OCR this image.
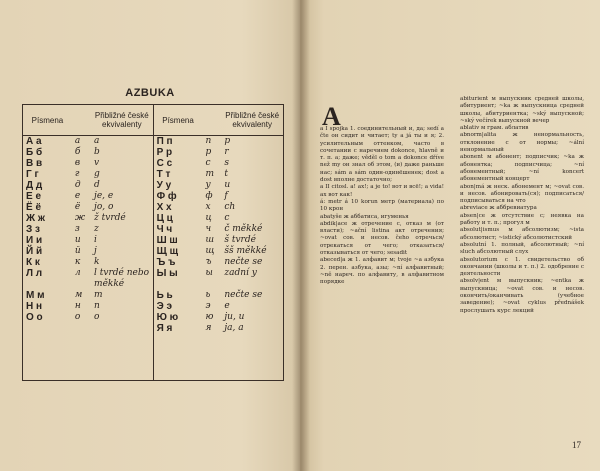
AZBUKA
Písmena		Přibližné české ekvivalenty	Písmena		Přibližné české ekvivalenty
А а	а	a	П п	п	p
Б б	б	b	Р р	р	r
В в	в	v	С с	с	s
Г г	г	g	Т т	т	t
Д д	д	d	У у	у	u
Е е	е	je, e	Ф ф	ф	f
Ё ё	ё	jo, o	Х х	х	ch
Ж ж	ж	ž tvrdé	Ц ц	ц	c
З з	з	z	Ч ч	ч	č měkké
И и	и	i	Ш ш	ш	š tvrdé
Й й	й	j	Щ щ	щ	šš měkké
К к	к	k	Ъ ъ	ъ	nečte se
Л л	л	l tvrdé nebo měkké	Ы ы	ы	zadní y
М м	м	m	Ь ь	ь	nečte se
Н н	н	n	Э э	э	e
О о	о	o	Ю ю	ю	ju, u
			Я я	я	ja, a
A

a I spojka 1. соединительный и, да; sedí a čte он сидит и читает; ty a já ты и я; 2. усилительным оттенком, часто в сочетании с наречием dokonce, hlavně и т. п. а; даже; věděl o tom a dokonce dříve než my он знал об этом, (и) даже раньше нас; sám a sám один-одинёшенек; dost a dost вполне достаточно;

a II citosl. а! ах!; a je to! вот и всё!; a vida! ах вот как!

á: metr á 10 korun метр (материала) по 10 крон

abatyše ж аббатиса, игуменья

abdik|ace ж отречение с, отказ м (от власти); ~ační listina акт отречения; ~ovat сов. и несов. čeho отречься/отрекаться от чего; отказаться/отказываться от чего; sesadit

abeced|a ж 1. алфавит м; tvoje ~a азбука 2. перен. азбука, азы; ~ní алфавитный; ~ně нареч. по алфавиту, в алфавитном порядке

abiturient м выпускник средней школы, абитуриент; ~ka ж выпускница средней школы, абитуриентка; ~ský выпускной; ~ský večírek выпускной вечер

ablativ м грам. аблатив

abnorm|alita ж ненормальность, отклонение с от нормы; ~ální ненормальный

abonent м абонент; подписчик; ~ka ж абонентка; подписчица; ~ní абонементный; ~ní koncert абонементный концерт

abon|má ж неск. абонемент м; ~ovat сов. и несов. абонировать(ся); подписаться/подписываться на что

abreviace ж аббревиатура

absen|ce ж отсутствие с; неявка на работу и т. п.; прогул м

absolut|ismus м абсолютизм; ~ista абсолютист; ~istický абсолютистский

absolutní 1. полный, абсолютный; ~ní sluch абсолютный слух

absolutorium с 1. свидетельство об окончании (школы и т. п.) 2. одобрение с деятельности

absolv|ent м выпускник; ~entka ж выпускница; ~ovat сов. и несов. окончить/оканчивать (учебное заведение); ~ovat cyklus přednášek прослушать курс лекций

17
